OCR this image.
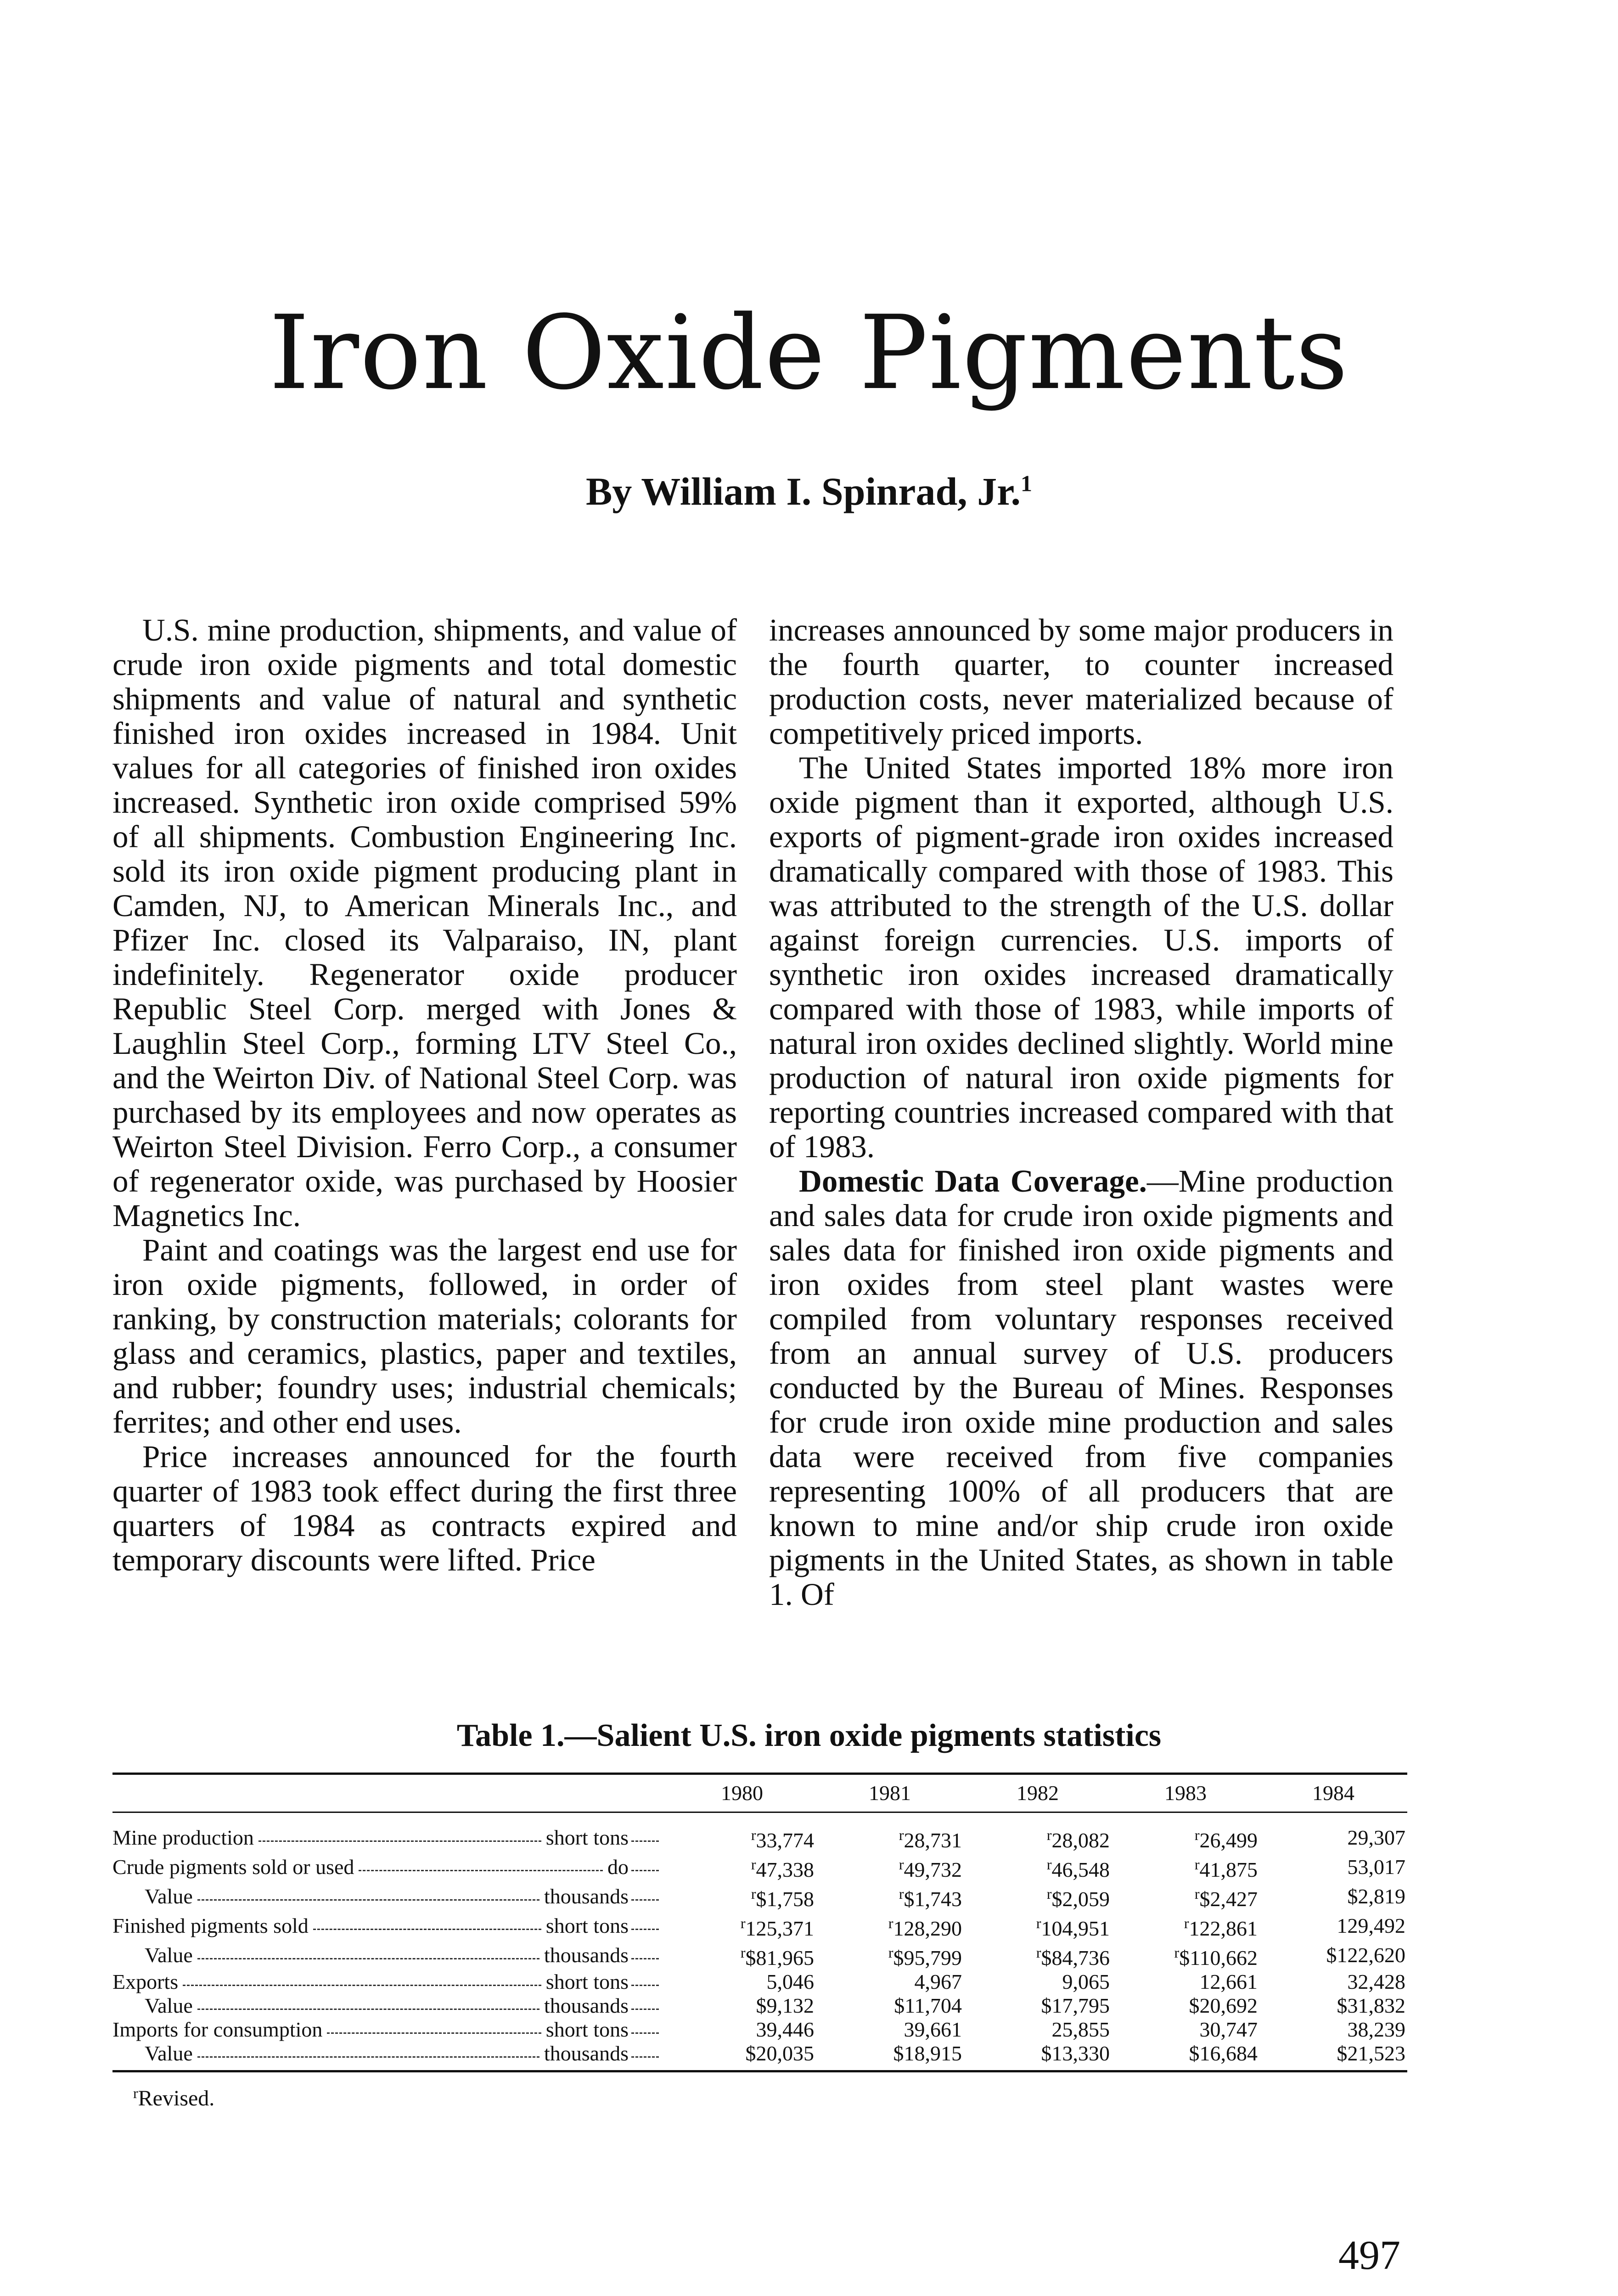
Iron Oxide Pigments
By William I. Spinrad, Jr.$^1$

U.S. mine production, shipments, and value of crude iron oxide pigments and total domestic shipments and value of natural and synthetic finished iron oxides increased in 1984. Unit values for all categories of finished iron oxides increased. Synthetic iron oxide comprised 59% of all shipments. Combustion Engineering Inc. sold its iron oxide pigment producing plant in Camden, NJ, to American Minerals Inc., and Pfizer Inc. closed its Valparaiso, IN, plant indefinitely. Regenerator oxide producer Republic Steel Corp. merged with Jones & Laughlin Steel Corp., forming LTV Steel Co., and the Weirton Div. of National Steel Corp. was purchased by its employees and now operates as Weirton Steel Division. Ferro Corp., a consumer of regenerator oxide, was purchased by Hoosier Magnetics Inc.

Paint and coatings was the largest end use for iron oxide pigments, followed, in order of ranking, by construction materials; colorants for glass and ceramics, plastics, paper and textiles, and rubber; foundry uses; industrial chemicals; ferrites; and other end uses.

Price increases announced for the fourth quarter of 1983 took effect during the first three quarters of 1984 as contracts expired and temporary discounts were lifted. Price

increases announced by some major producers in the fourth quarter, to counter increased production costs, never materialized because of competitively priced imports.

The United States imported 18% more iron oxide pigment than it exported, although U.S. exports of pigment-grade iron oxides increased dramatically compared with those of 1983. This was attributed to the strength of the U.S. dollar against foreign currencies. U.S. imports of synthetic iron oxides increased dramatically compared with those of 1983, while imports of natural iron oxides declined slightly. World mine production of natural iron oxide pigments for reporting countries increased compared with that of 1983.

Domestic Data Coverage.—Mine production and sales data for crude iron oxide pigments and sales data for finished iron oxide pigments and iron oxides from steel plant wastes were compiled from voluntary responses received from an annual survey of U.S. producers conducted by the Bureau of Mines. Responses for crude iron oxide mine production and sales data were received from five companies representing 100% of all producers that are known to mine and/or ship crude iron oxide pigments in the United States, as shown in table 1. Of

Table 1.—Salient U.S. iron oxide pigments statistics
	1980	1981	1982	1983	1984

Mine production short tons	$^r$33,774	$^r$28,731	$^r$28,082	$^r$26,499	29,307

Crude pigments sold or used do	$^r$47,338	$^r$49,732	$^r$46,548	$^r$41,875	53,017

Value thousands	$^r$\$1,758	$^r$\$1,743	$^r$\$2,059	$^r$\$2,427	$2,819

Finished pigments sold short tons	$^r$125,371	$^r$128,290	$^r$104,951	$^r$122,861	129,492

Value thousands	$^r$\$81,965	$^r$\$95,799	$^r$\$84,736	$^r$\$110,662	$122,620

Exports short tons	5,046	4,967	9,065	12,661	32,428

Value thousands	$9,132	$11,704	$17,795	$20,692	$31,832

Imports for consumption short tons	39,446	39,661	25,855	30,747	38,239

Value thousands	$20,035	$18,915	$13,330	$16,684	$21,523
$^r$Revised.
497
